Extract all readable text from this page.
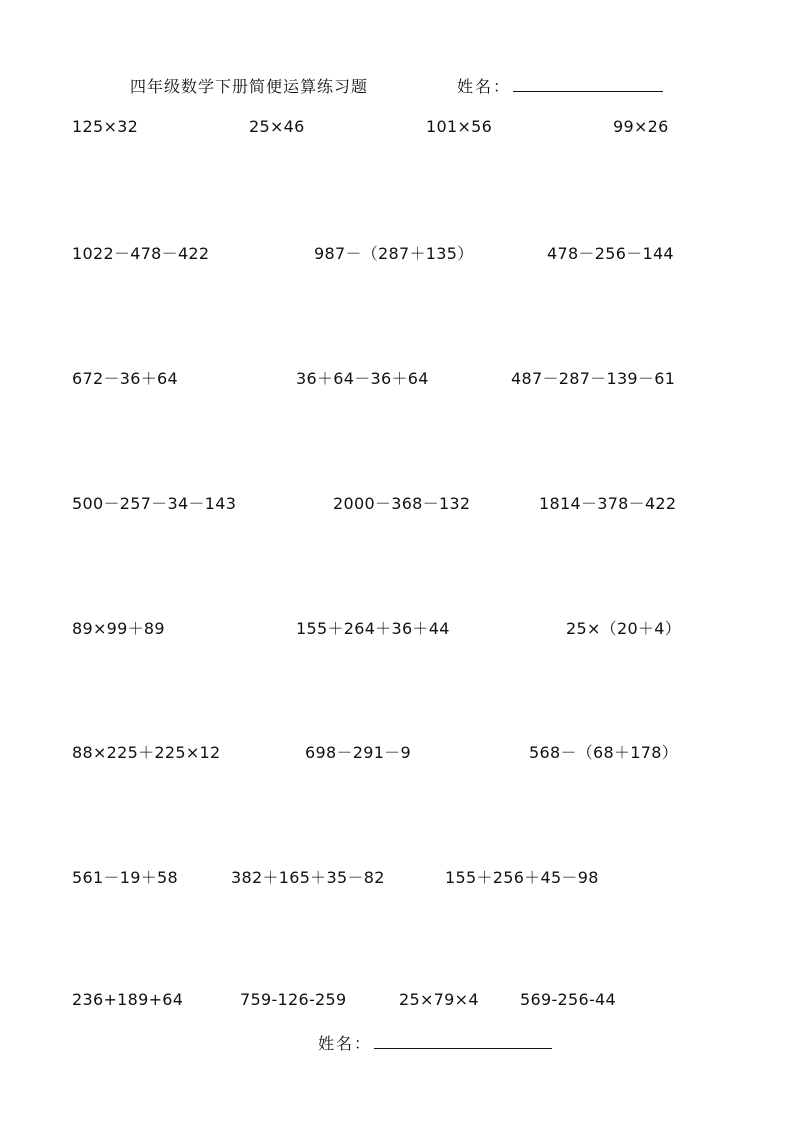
四年级数学下册简便运算练习题	姓名：
125×32	25×46	101×56	99×26
1022－478－422	987－（287＋135）	478－256－144
672－36＋64	36＋64－36＋64	487－287－139－61
500－257－34－143	2000－368－132	1814－378－422
89×99＋89	155＋264＋36＋44	25×（20＋4）
88×225＋225×12	698－291－9	568－（68＋178）
561－19＋58	382＋165＋35－82	155＋256＋45－98
236+189+64	759-126-259	25×79×4	569-256-44
姓名：
